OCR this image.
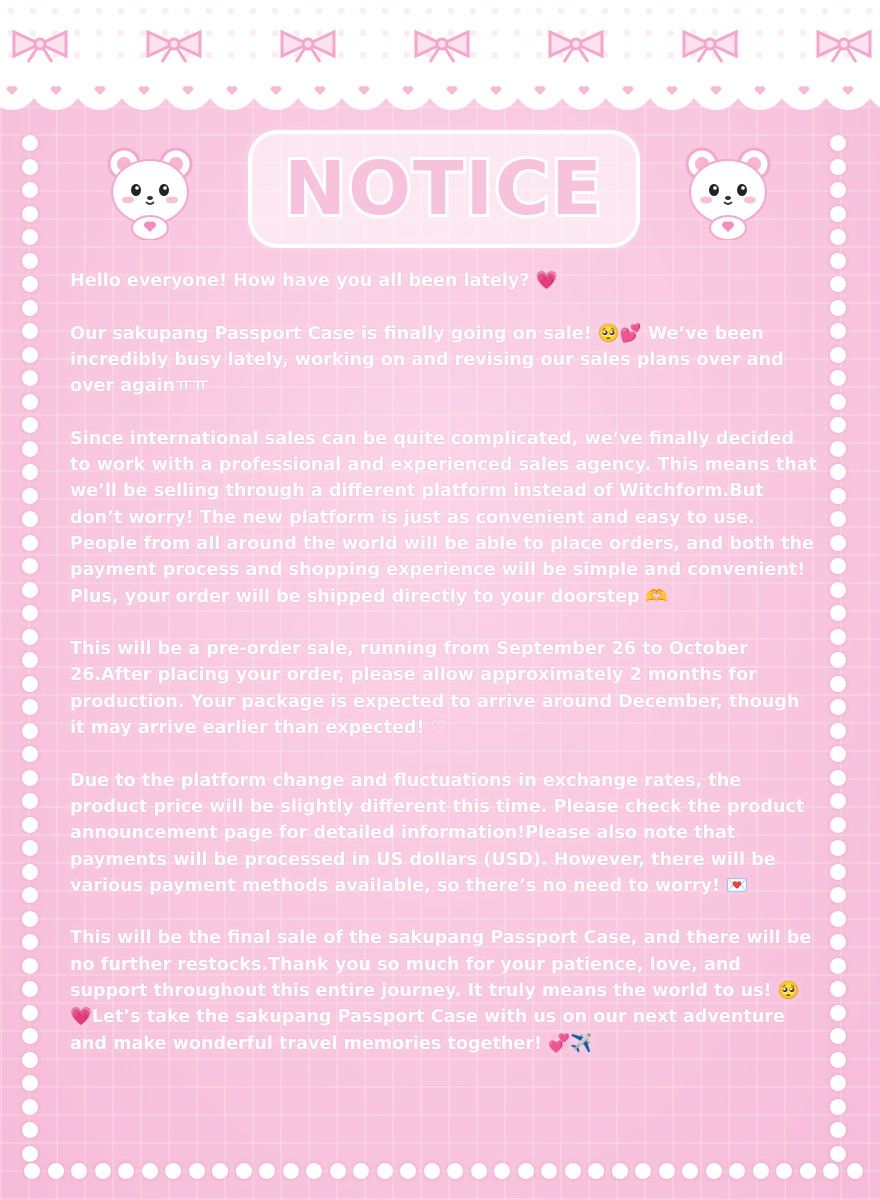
NOTICE

Hello everyone! How have you all been lately? 💗

Our sakupang Passport Case is finally going on sale! 🥺💕 We’ve been incredibly busy lately, working on and revising our sales plans over and over againㅠㅠ

Since international sales can be quite complicated, we’ve finally decided to work with a professional and experienced sales agency. This means that we’ll be selling through a different platform instead of Witchform.But don’t worry! The new platform is just as convenient and easy to use. People from all around the world will be able to place orders, and both the payment process and shopping experience will be simple and convenient! Plus, your order will be shipped directly to your doorstep 🫶

This will be a pre-order sale, running from September 26 to October 26.After placing your order, please allow approximately 2 months for production. Your package is expected to arrive around December, though it may arrive earlier than expected! ♡

Due to the platform change and fluctuations in exchange rates, the product price will be slightly different this time. Please check the product announcement page for detailed information!Please also note that payments will be processed in US dollars (USD). However, there will be various payment methods available, so there’s no need to worry! 💌

This will be the final sale of the sakupang Passport Case, and there will be no further restocks.Thank you so much for your patience, love, and support throughout this entire journey. It truly means the world to us! 🥺💗Let’s take the sakupang Passport Case with us on our next adventure and make wonderful travel memories together! 💞✈️
